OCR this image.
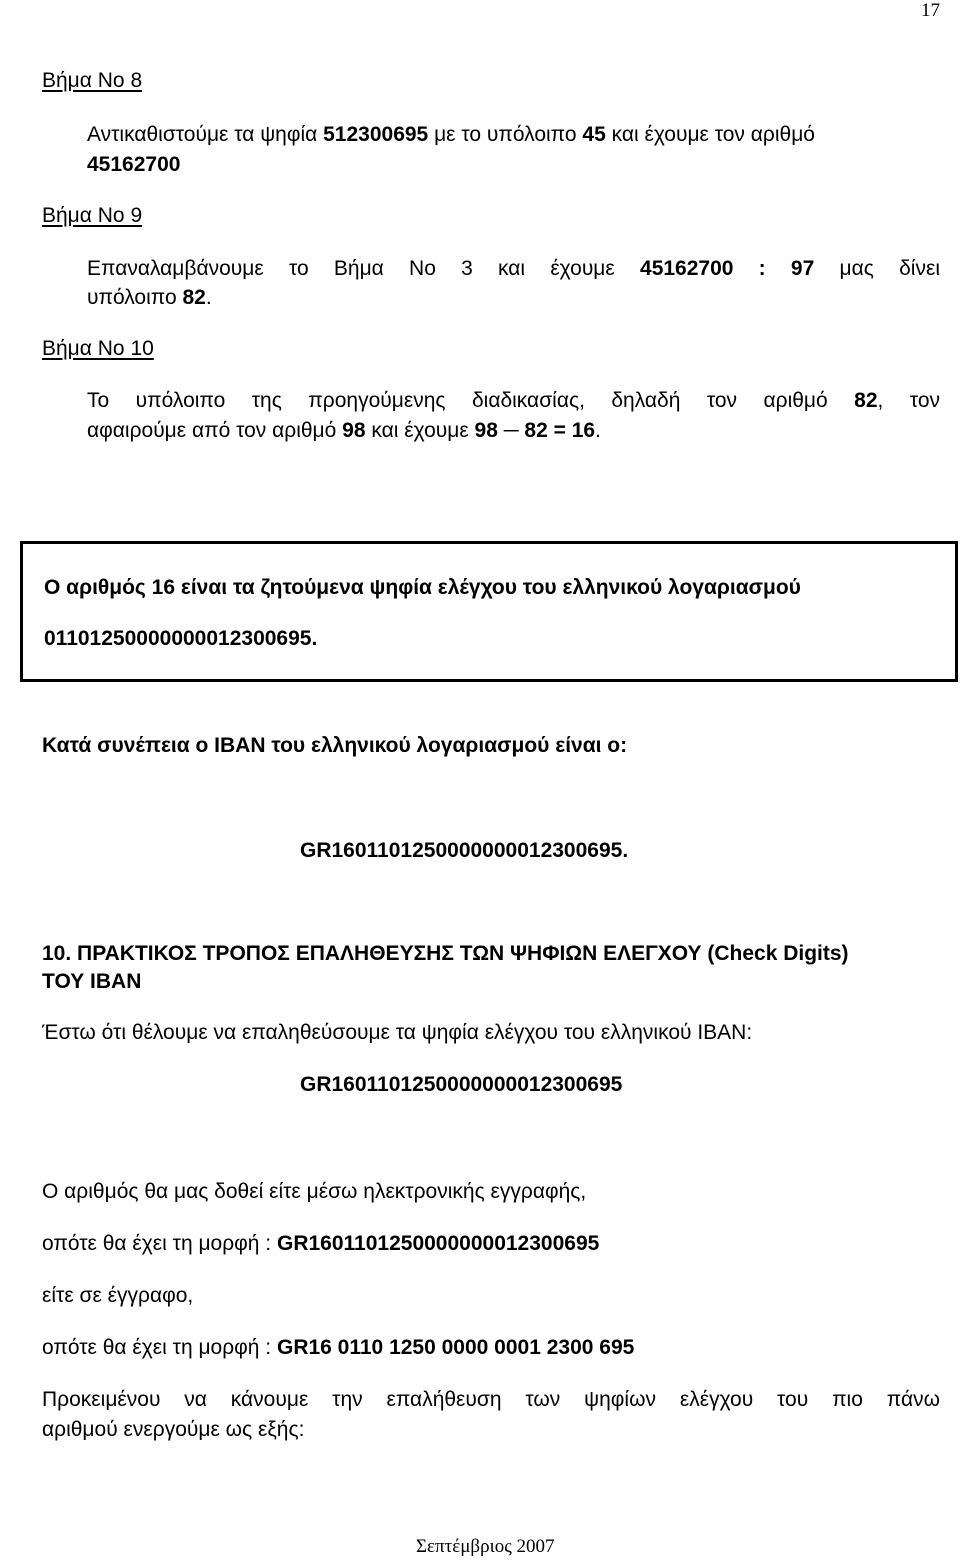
17
Βήμα Νο 8
Αντικαθιστούμε τα ψηφία 512300695 με το υπόλοιπο 45 και έχουμε τον αριθμό
45162700
Βήμα Νο 9
Επαναλαμβάνουμε το Βήμα Νο 3 και έχουμε 45162700 : 97 μας δίνει
υπόλοιπο 82.
Βήμα Νο 10
Το υπόλοιπο της προηγούμενης διαδικασίας, δηλαδή τον αριθμό 82, τον
αφαιρούμε από τον αριθμό 98 και έχουμε 98 ─ 82 = 16.
Ο αριθμός 16 είναι τα ζητούμενα ψηφία ελέγχου του ελληνικού λογαριασμού
01101250000000012300695.
Κατά συνέπεια ο IBAN του ελληνικού λογαριασμού είναι ο:
GR1601101250000000012300695.
10. ΠΡΑΚΤΙΚΟΣ ΤΡΟΠΟΣ ΕΠΑΛΗΘΕΥΣΗΣ ΤΩΝ ΨΗΦΙΩΝ ΕΛΕΓΧΟΥ (Check Digits)
ΤΟΥ IBAN
Έστω ότι θέλουμε να επαληθεύσουμε τα ψηφία ελέγχου του ελληνικού IBAN:
GR1601101250000000012300695
Ο αριθμός θα μας δοθεί είτε μέσω ηλεκτρονικής εγγραφής,
οπότε θα έχει τη μορφή : GR1601101250000000012300695
είτε σε έγγραφο,
οπότε θα έχει τη μορφή : GR16 0110 1250 0000 0001 2300 695
Προκειμένου να κάνουμε την επαλήθευση των ψηφίων ελέγχου του πιο πάνω
αριθμού ενεργούμε ως εξής:
Σεπτέμβριος 2007
